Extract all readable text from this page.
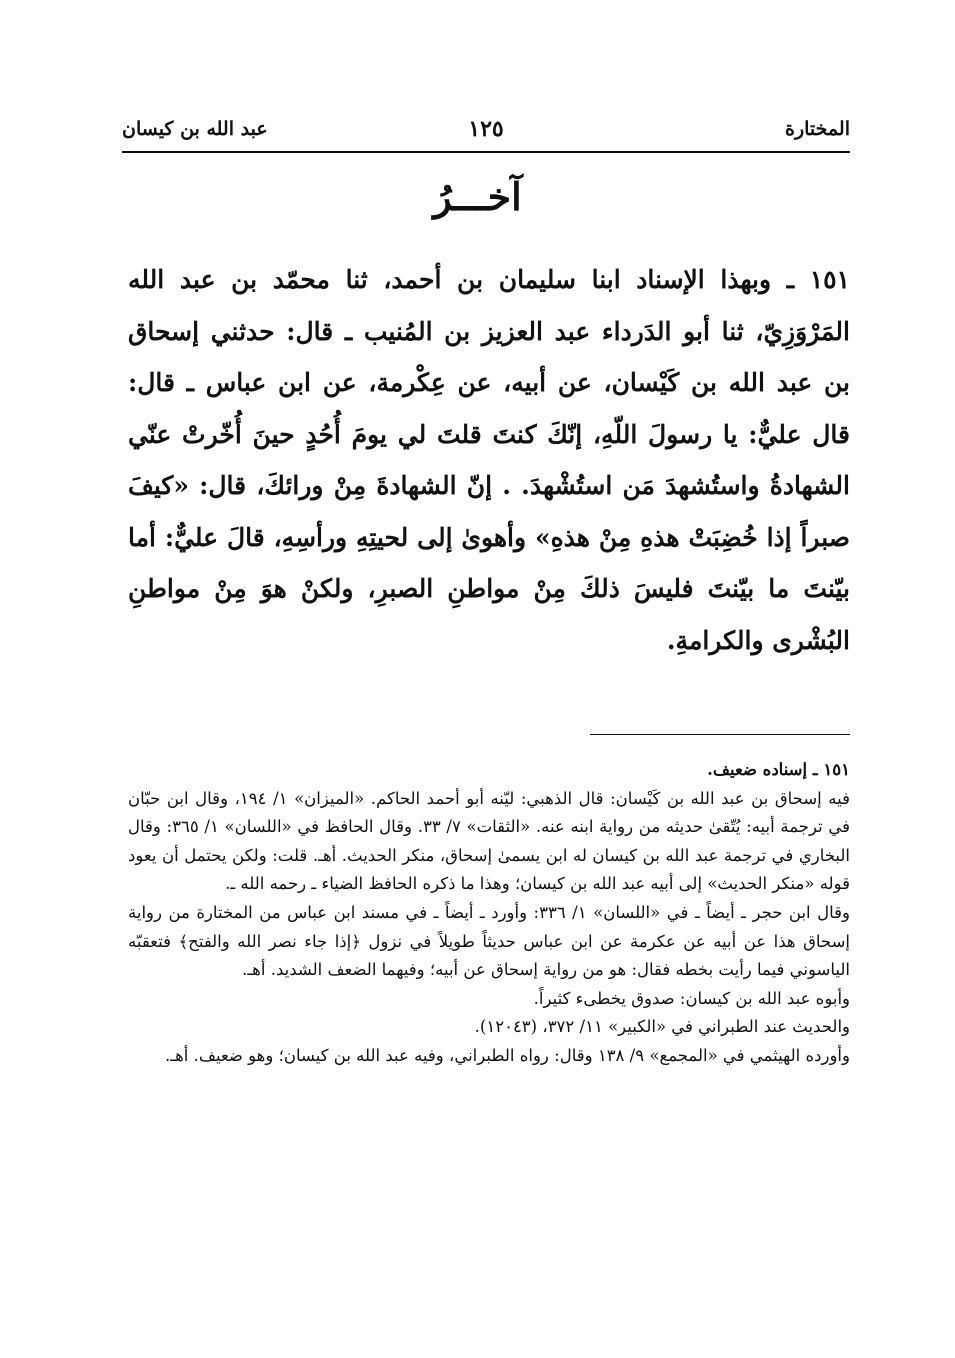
المختارة
١٢٥
عبد الله بن كيسان
آخـــرُ
١٥١ ـ وبهذا الإسناد ابنا سليمان بن أحمد، ثنا محمّد بن عبد الله المَرْوَزِيّ، ثنا أبو الدَرداء عبد العزيز بن المُنيب ـ قال: حدثني إسحاق بن عبد الله بن كَيْسان، عن أبيه، عن عِكْرمة، عن ابن عباس ـ قال: قال عليٌّ: يا رسولَ اللّهِ، إنّكَ كنتَ قلتَ لي يومَ أُحُدٍ حينَ أُخّرتْ عنّي الشهادةُ واستُشهدَ مَن استُشْهدَ. . إنّ الشهادةَ مِنْ ورائكَ، قال: «كيفَ صبراً إذا خُضِبَتْ هذهِ مِنْ هذهِ» وأهوىٰ إلى لحيتِهِ ورأسِهِ، قالَ عليٌّ: أما بيّنتَ ما بيّنتَ فليسَ ذلكَ مِنْ مواطنِ الصبرِ، ولكنْ هوَ مِنْ مواطنِ البُشْرى والكرامةِ.

١٥١ ـ إسناده ضعيف.

فيه إسحاق بن عبد الله بن كَيْسان: قال الذهبي: ليّنه أبو أحمد الحاكم. «الميزان» ١/ ١٩٤، وقال ابن حبّان في ترجمة أبيه: يُتّقىٰ حديثه من رواية ابنه عنه. «الثقات» ٧/ ٣٣. وقال الحافظ في «اللسان» ١/ ٣٦٥: وقال البخاري في ترجمة عبد الله بن كيسان له ابن يسمىٰ إسحاق، منكر الحديث. أهـ. قلت: ولكن يحتمل أن يعود قوله «منكر الحديث» إلى أبيه عبد الله بن كيسان؛ وهذا ما ذكره الحافظ الضياء ـ رحمه الله ـ.

وقال ابن حجر ـ أيضاً ـ في «اللسان» ١/ ٣٣٦: وأورد ـ أيضاً ـ في مسند ابن عباس من المختارة من رواية إسحاق هذا عن أبيه عن عكرمة عن ابن عباس حديثاً طويلاً في نزول ﴿إذا جاء نصر الله والفتح﴾ فتعقبّه الياسوني فيما رأيت بخطه فقال: هو من رواية إسحاق عن أبيه؛ وفيهما الضعف الشديد. أهـ.

وأبوه عبد الله بن كيسان: صدوق يخطىء كثيراً.

والحديث عند الطبراني في «الكبير» ١١/ ٣٧٢، (١٢٠٤٣).

وأورده الهيثمي في «المجمع» ٩/ ١٣٨ وقال: رواه الطبراني، وفيه عبد الله بن كيسان؛ وهو ضعيف. أهـ.
